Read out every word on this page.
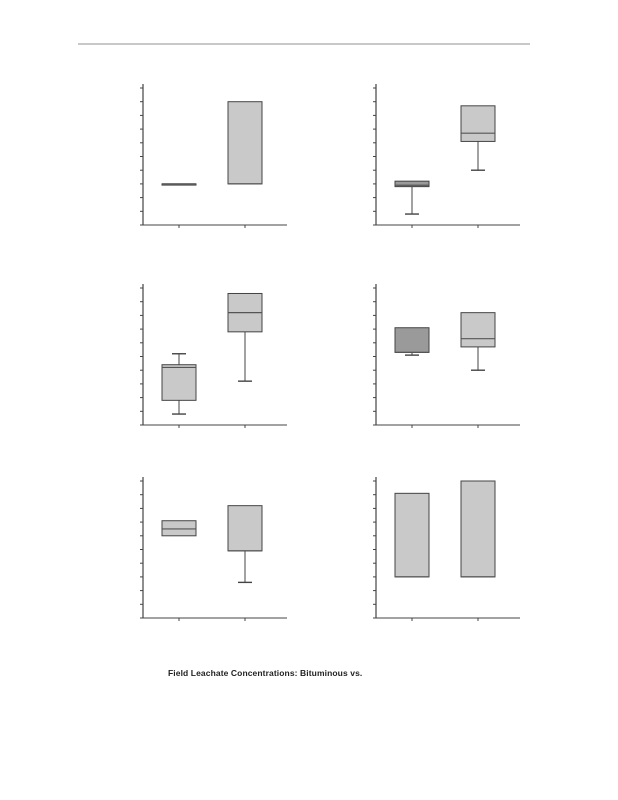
Field Leachate Concentrations: Bituminous vs.
